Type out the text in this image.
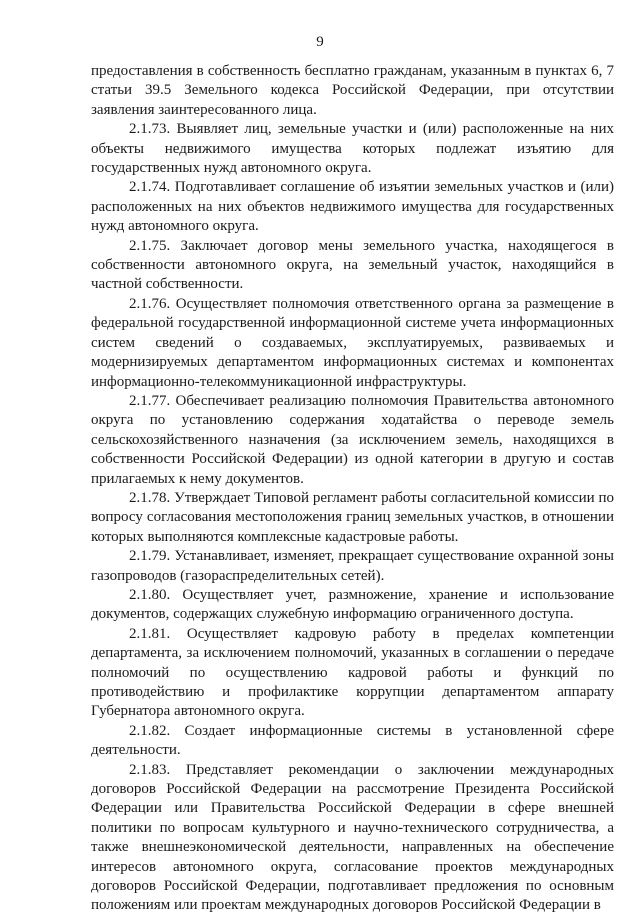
9

предоставления в собственность бесплатно гражданам, указанным в пунктах 6, 7 статьи 39.5 Земельного кодекса Российской Федерации, при отсутствии заявления заинтересованного лица.

2.1.73. Выявляет лиц, земельные участки и (или) расположенные на них объекты недвижимого имущества которых подлежат изъятию для государственных нужд автономного округа.

2.1.74. Подготавливает соглашение об изъятии земельных участков и (или) расположенных на них объектов недвижимого имущества для государственных нужд автономного округа.

2.1.75. Заключает договор мены земельного участка, находящегося в собственности автономного округа, на земельный участок, находящийся в частной собственности.

2.1.76. Осуществляет полномочия ответственного органа за размещение в федеральной государственной информационной системе учета информационных систем сведений о создаваемых, эксплуатируемых, развиваемых и модернизируемых департаментом информационных системах и компонентах информационно-телекоммуникационной инфраструктуры.

2.1.77. Обеспечивает реализацию полномочия Правительства автономного округа по установлению содержания ходатайства о переводе земель сельскохозяйственного назначения (за исключением земель, находящихся в собственности Российской Федерации) из одной категории в другую и состав прилагаемых к нему документов.

2.1.78. Утверждает Типовой регламент работы согласительной комиссии по вопросу согласования местоположения границ земельных участков, в отношении которых выполняются комплексные кадастровые работы.

2.1.79. Устанавливает, изменяет, прекращает существование охранной зоны газопроводов (газораспределительных сетей).

2.1.80. Осуществляет учет, размножение, хранение и использование документов, содержащих служебную информацию ограниченного доступа.

2.1.81. Осуществляет кадровую работу в пределах компетенции департамента, за исключением полномочий, указанных в соглашении о передаче полномочий по осуществлению кадровой работы и функций по противодействию и профилактике коррупции департаментом аппарату Губернатора автономного округа.

2.1.82. Создает информационные системы в установленной сфере деятельности.

2.1.83. Представляет рекомендации о заключении международных договоров Российской Федерации на рассмотрение Президента Российской Федерации или Правительства Российской Федерации в сфере внешней политики по вопросам культурного и научно-технического сотрудничества, а также внешнеэкономической деятельности, направленных на обеспечение интересов автономного округа, согласование проектов международных договоров Российской Федерации, подготавливает предложения по основным положениям или проектам международных договоров Российской Федерации в
